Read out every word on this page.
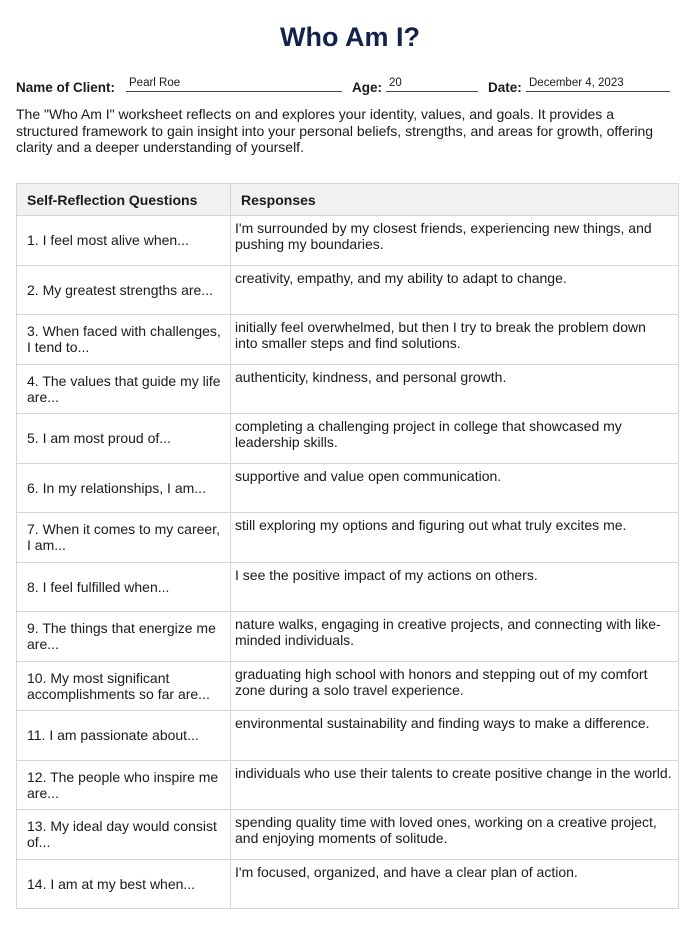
Who Am I?
Name of Client: Pearl Roe	Age: 20	Date: December 4, 2023
The "Who Am I" worksheet reflects on and explores your identity, values, and goals. It provides a structured framework to gain insight into your personal beliefs, strengths, and areas for growth, offering clarity and a deeper understanding of yourself.
Self-Reflection Questions	Responses
1. I feel most alive when...	I'm surrounded by my closest friends, experiencing new things, and pushing my boundaries.
2. My greatest strengths are...	creativity, empathy, and my ability to adapt to change.
3. When faced with challenges, I tend to...	initially feel overwhelmed, but then I try to break the problem down into smaller steps and find solutions.
4. The values that guide my life are...	authenticity, kindness, and personal growth.
5. I am most proud of...	completing a challenging project in college that showcased my leadership skills.
6. In my relationships, I am...	supportive and value open communication.
7. When it comes to my career, I am...	still exploring my options and figuring out what truly excites me.
8. I feel fulfilled when...	I see the positive impact of my actions on others.
9. The things that energize me are...	nature walks, engaging in creative projects, and connecting with like-minded individuals.
10. My most significant accomplishments so far are...	graduating high school with honors and stepping out of my comfort zone during a solo travel experience.
11. I am passionate about...	environmental sustainability and finding ways to make a difference.
12. The people who inspire me are...	individuals who use their talents to create positive change in the world.
13. My ideal day would consist of...	spending quality time with loved ones, working on a creative project, and enjoying moments of solitude.
14. I am at my best when...	I'm focused, organized, and have a clear plan of action.
